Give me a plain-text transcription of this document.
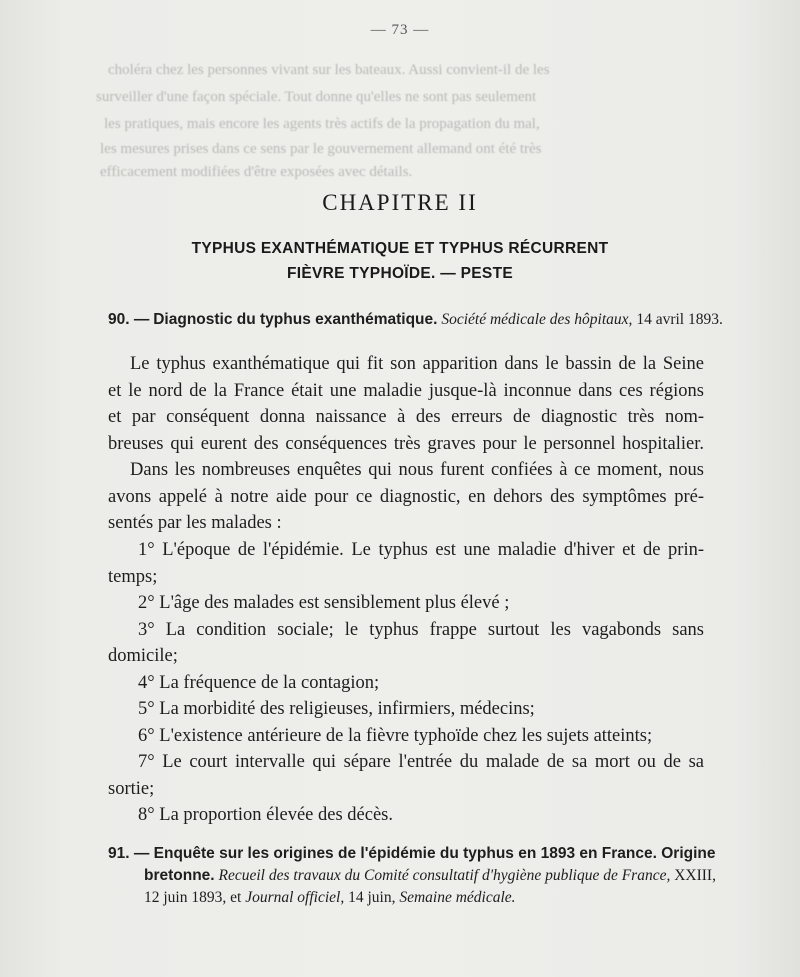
choléra chez les personnes vivant sur les bateaux. Aussi convient-il de les
surveiller d'une façon spéciale. Tout donne qu'elles ne sont pas seulement
les pratiques, mais encore les agents très actifs de la propagation du mal,
les mesures prises dans ce sens par le gouvernement allemand ont été très
efficacement modifiées d'être exposées avec détails.
— 73 —
CHAPITRE II
TYPHUS EXANTHÉMATIQUE ET TYPHUS RÉCURRENT
FIÈVRE TYPHOÏDE. — PESTE
90. — Diagnostic du typhus exanthématique. Société médicale des hôpitaux, 14 avril 1893.
Le typhus exanthématique qui fit son apparition dans le bassin de la Seine
et le nord de la France était une maladie jusque-là inconnue dans ces régions
et par conséquent donna naissance à des erreurs de diagnostic très nom-
breuses qui eurent des conséquences très graves pour le personnel hospitalier.
Dans les nombreuses enquêtes qui nous furent confiées à ce moment, nous
avons appelé à notre aide pour ce diagnostic, en dehors des symptômes pré-
sentés par les malades :
1° L'époque de l'épidémie. Le typhus est une maladie d'hiver et de prin-
temps;
2° L'âge des malades est sensiblement plus élevé ;
3° La condition sociale; le typhus frappe surtout les vagabonds sans
domicile;
4° La fréquence de la contagion;
5° La morbidité des religieuses, infirmiers, médecins;
6° L'existence antérieure de la fièvre typhoïde chez les sujets atteints;
7° Le court intervalle qui sépare l'entrée du malade de sa mort ou de sa
sortie;
8° La proportion élevée des décès.
91. — Enquête sur les origines de l'épidémie du typhus en 1893 en France. Origine
bretonne. Recueil des travaux du Comité consultatif d'hygiène publique de France, XXIII,
12 juin 1893, et Journal officiel, 14 juin, Semaine médicale.
